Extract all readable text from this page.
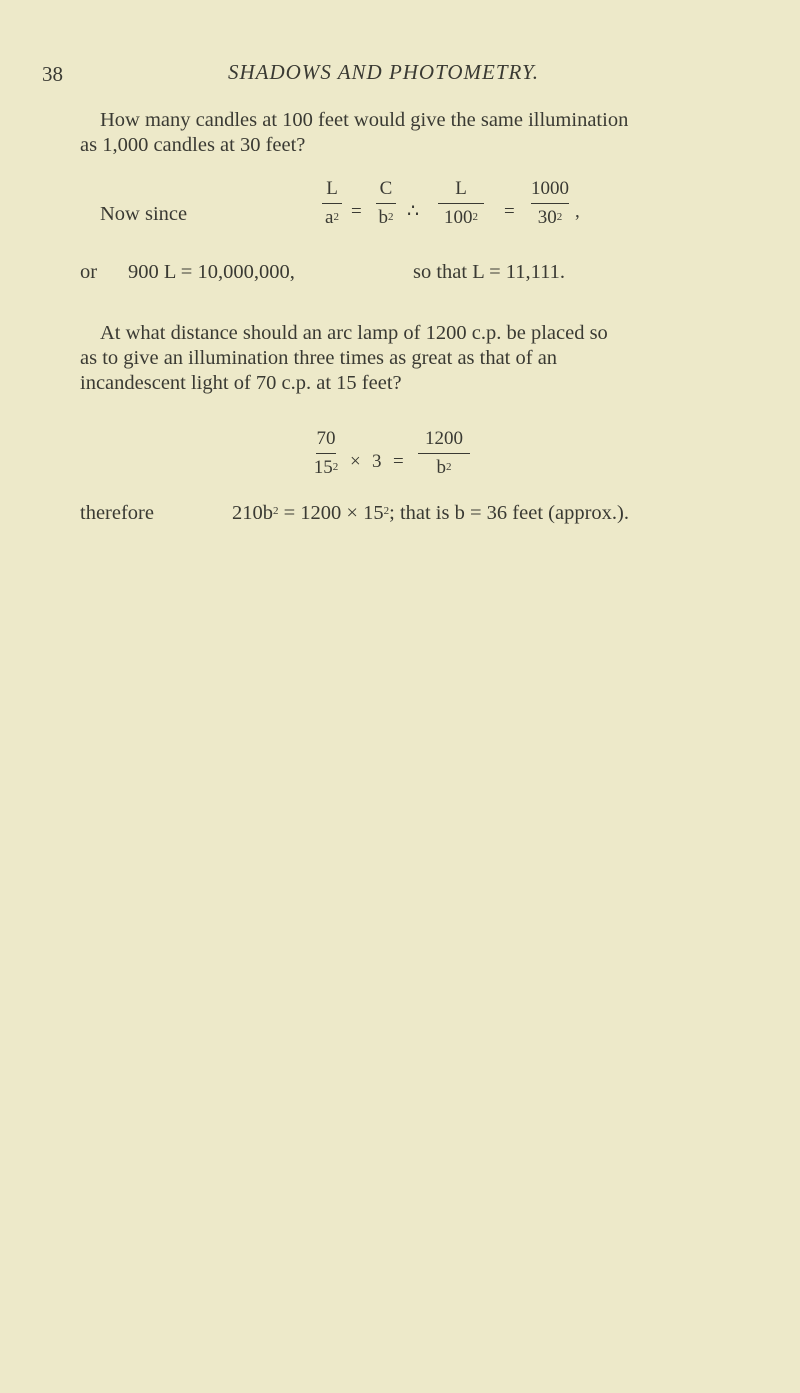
38	SHADOWS AND PHOTOMETRY.
How many candles at 100 feet would give the same illumination
as 1,000 candles at 30 feet?
Now since
L
$a^2$ =
C
$b^2$ ∴
L
$100^2$	=
1000
$30^2$ ,
or 900 L = 10,000,000,	so that L = 11,111.
At what distance should an arc lamp of 1200 c.p. be placed so
as to give an illumination three times as great as that of an
incandescent light of 70 c.p. at 15 feet?
70
$15^2 \times 3$ =
1200
$b^2$
therefore	$210b^2 = 1200 \times 15^2$; that is b = 36 feet (approx.).
